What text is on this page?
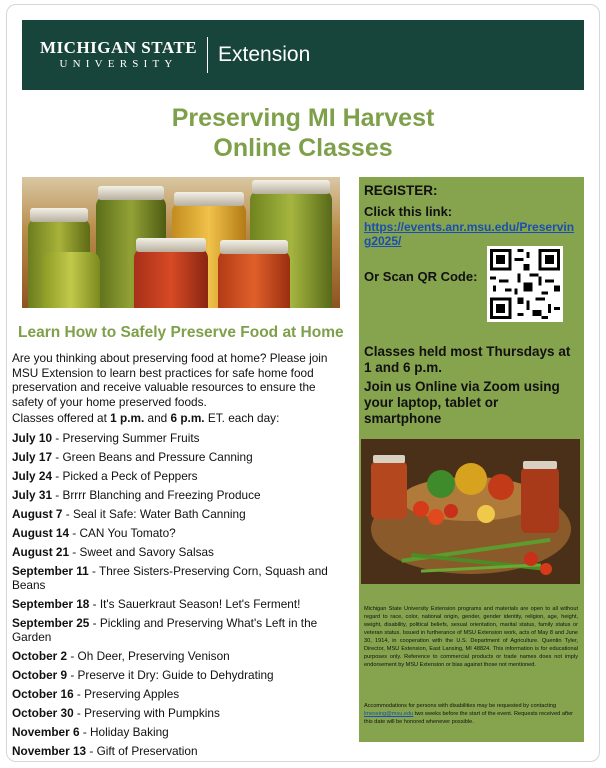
MICHIGAN STATE
UNIVERSITY	Extension
Preserving MI Harvest
Online Classes
Learn How to Safely Preserve Food at Home
Are you thinking about preserving food at home? Please join MSU Extension to learn best practices for safe home food preservation and receive valuable resources to ensure the safety of your home preserved foods.
Classes offered at 1 p.m. and 6 p.m. ET. each day:
July 10 - Preserving Summer Fruits
July 17 - Green Beans and Pressure Canning
July 24 - Picked a Peck of Peppers
July 31 - Brrrr Blanching and Freezing Produce
August 7 - Seal it Safe: Water Bath Canning
August 14 - CAN You Tomato?
August 21 - Sweet and Savory Salsas
September 11 - Three Sisters-Preserving Corn, Squash and Beans
September 18 - It's Sauerkraut Season! Let's Ferment!
September 25 - Pickling and Preserving What's Left in the Garden
October 2 - Oh Deer, Preserving Venison
October 9 - Preserve it Dry: Guide to Dehydrating
October 16 - Preserving Apples
October 30 - Preserving with Pumpkins
November 6 - Holiday Baking
November 13 - Gift of Preservation
REGISTER:
Click this link:
https://events.anr.msu.edu/Preserving2025/
Or Scan QR Code:
Classes held most Thursdays at 1 and 6 p.m.
Join us Online via Zoom using your laptop, tablet or smartphone
Michigan State University Extension programs and materials are open to all without regard to race, color, national origin, gender, gender identity, religion, age, height, weight, disability, political beliefs, sexual orientation, marital status, family status or veteran status. Issued in furtherance of MSU Extension work, acts of May 8 and June 30, 1914, in cooperation with the U.S. Department of Agriculture. Quentin Tyler, Director, MSU Extension, East Lansing, MI 48824. This information is for educational purposes only. Reference to commercial products or trade names does not imply endorsement by MSU Extension or bias against those not mentioned.
Accommodations for persons with disabilities may be requested by contacting lmessing@msu.edu two weeks before the start of the event. Requests received after this date will be honored whenever possible.
